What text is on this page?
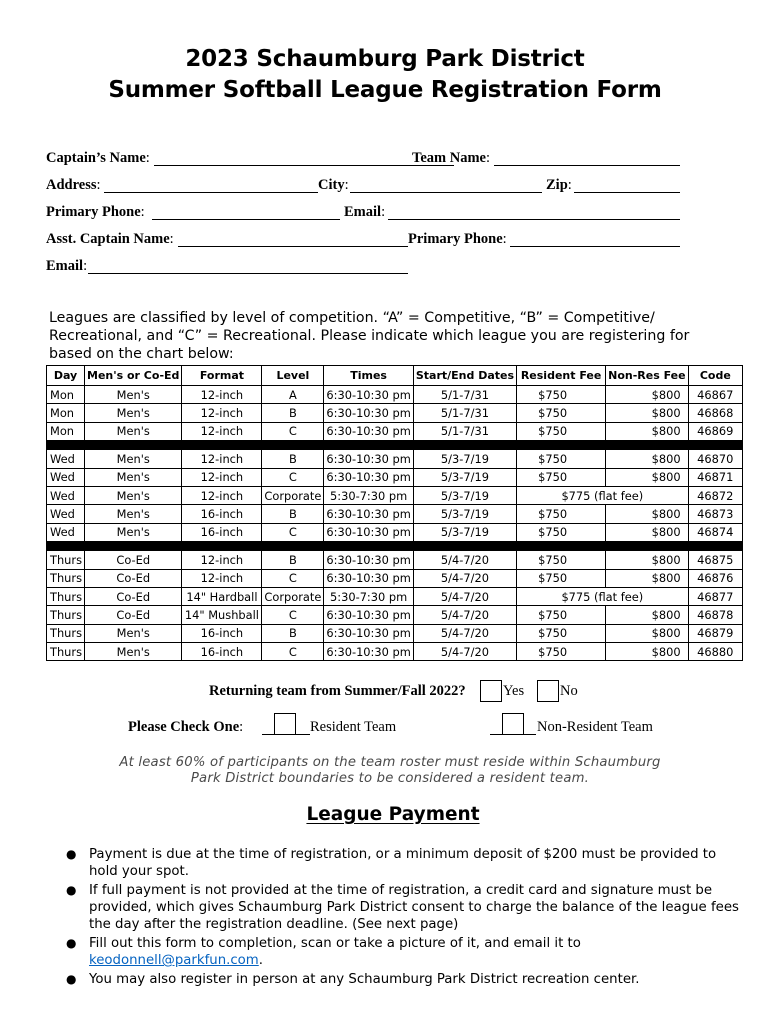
2023 Schaumburg Park District
Summer Softball League Registration Form
Captain’s Name:	Team Name:
Address:	City:	Zip:
Primary Phone:	Email:
Asst. Captain Name:	Primary Phone:
Email:
Leagues are classified by level of competition. “A” = Competitive, “B” = Competitive/ Recreational, and “C” = Recreational. Please indicate which league you are registering for based on the chart below:
Day	Men's or Co-Ed	Format	Level	Times	Start/End Dates	Resident Fee	Non-Res Fee	Code
Mon	Men's	12-inch	A	6:30-10:30 pm	5/1-7/31	$750	$800	46867
Mon	Men's	12-inch	B	6:30-10:30 pm	5/1-7/31	$750	$800	46868
Mon	Men's	12-inch	C	6:30-10:30 pm	5/1-7/31	$750	$800	46869

Wed	Men's	12-inch	B	6:30-10:30 pm	5/3-7/19	$750	$800	46870
Wed	Men's	12-inch	C	6:30-10:30 pm	5/3-7/19	$750	$800	46871
Wed	Men's	12-inch	Corporate	5:30-7:30 pm	5/3-7/19	$775 (flat fee)		46872
Wed	Men's	16-inch	B	6:30-10:30 pm	5/3-7/19	$750	$800	46873
Wed	Men's	16-inch	C	6:30-10:30 pm	5/3-7/19	$750	$800	46874

Thurs	Co-Ed	12-inch	B	6:30-10:30 pm	5/4-7/20	$750	$800	46875
Thurs	Co-Ed	12-inch	C	6:30-10:30 pm	5/4-7/20	$750	$800	46876
Thurs	Co-Ed	14" Hardball	Corporate	5:30-7:30 pm	5/4-7/20	$775 (flat fee)		46877
Thurs	Co-Ed	14" Mushball	C	6:30-10:30 pm	5/4-7/20	$750	$800	46878
Thurs	Men's	16-inch	B	6:30-10:30 pm	5/4-7/20	$750	$800	46879
Thurs	Men's	16-inch	C	6:30-10:30 pm	5/4-7/20	$750	$800	46880
Returning team from Summer/Fall 2022?	Yes No
Please Check One:	Resident Team	Non-Resident Team
At least 60% of participants on the team roster must reside within Schaumburg
Park District boundaries to be considered a resident team.
League Payment
● Payment is due at the time of registration, or a minimum deposit of $200 must be provided to hold your spot.
● If full payment is not provided at the time of registration, a credit card and signature must be provided, which gives Schaumburg Park District consent to charge the balance of the league fees the day after the registration deadline. (See next page)
● Fill out this form to completion, scan or take a picture of it, and email it to
keodonnell@parkfun.com.
● You may also register in person at any Schaumburg Park District recreation center.
